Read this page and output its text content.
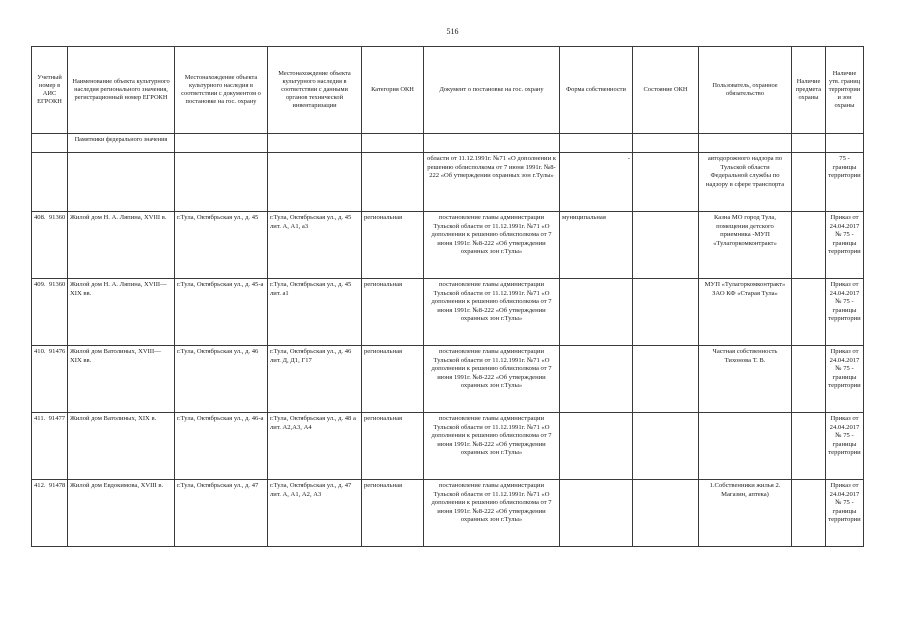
516
Учетный номер в АИС ЕГРОКН	Наименование объекта культурного наследия регионального значения, регистрационный номер ЕГРОКН	Местонахождение объекта культурного наследия в соответствии с документом о постановке на гос. охрану	Местонахождение объекта культурного наследия в соответствии с данными органов технической инвентаризации	Категория ОКН	Документ о постановке на гос. охрану	Форма собственности	Состояние ОКН	Пользователь, охранное обязательство	Наличие предмета охраны	Наличие утв. границ территории и зон охраны
	Памятники федерального значения									
					области от 11.12.1991г. №71 «О дополнении к решению облисполкома от 7 июня 1991г. №8-222 «Об утверждении охранных зон г.Тулы»	-		автодорожного надзора по Тульской области Федеральной службы по надзору в сфере транспорта		75 - границы территории
408. 91360	Жилой дом Н. А. Ляпина, XVIII в.	г.Тула, Октябрьская ул., д. 45	г.Тула, Октябрьская ул., д. 45 лит. А, А1, а3	региональная	постановление главы администрации Тульской области от 11.12.1991г. №71 «О дополнении к решению облисполкома от 7 июня 1991г. №8-222 «Об утверждении охранных зон г.Тулы»	муниципальная		Казна МО город Тула, помещения детского приемника -МУП «Тулагоркомконтракт»		Приказ от 24.04.2017 № 75 - границы территории
409. 91360	Жилой дом Н. А. Ляпина, XVIII—XIX вв.	г.Тула, Октябрьская ул., д. 45-а	г.Тула, Октябрьская ул., д. 45 лит. а1	региональная	постановление главы администрации Тульской области от 11.12.1991г. №71 «О дополнении к решению облисполкома от 7 июня 1991г. №8-222 «Об утверждении охранных зон г.Тулы»			МУП «Тулагоркомконтракт» ЗАО КФ «Старая Тула»		Приказ от 24.04.2017 № 75 - границы территории
410. 91476	Жилой дом Ватолиных, XVIII—XIX вв.	г.Тула, Октябрьская ул., д. 46	г.Тула, Октябрьская ул., д. 46 лит. Д, Д1, Г17	региональная	постановление главы администрации Тульской области от 11.12.1991г. №71 «О дополнении к решению облисполкома от 7 июня 1991г. №8-222 «Об утверждении охранных зон г.Тулы»			Частная собственность Тихонова Т. В.		Приказ от 24.04.2017 № 75 - границы территории
411. 91477	Жилой дом Ватолиных, XIX в.	г.Тула, Октябрьская ул., д. 46-а	г.Тула, Октябрьская ул., д. 48 а лит. А2,А3, А4	региональная	постановление главы администрации Тульской области от 11.12.1991г. №71 «О дополнении к решению облисполкома от 7 июня 1991г. №8-222 «Об утверждении охранных зон г.Тулы»					Приказ от 24.04.2017 № 75 - границы территории
412. 91478	Жилой дом Евдокимова, XVIII в.	г.Тула, Октябрьская ул., д. 47	г.Тула, Октябрьская ул., д. 47 лит. А, А1, А2, А3	региональная	постановление главы администрации Тульской области от 11.12.1991г. №71 «О дополнении к решению облисполкома от 7 июня 1991г. №8-222 «Об утверждении охранных зон г.Тулы»			1.Собственники жилья 2. Магазин, аптека)		Приказ от 24.04.2017 № 75 - границы территории
